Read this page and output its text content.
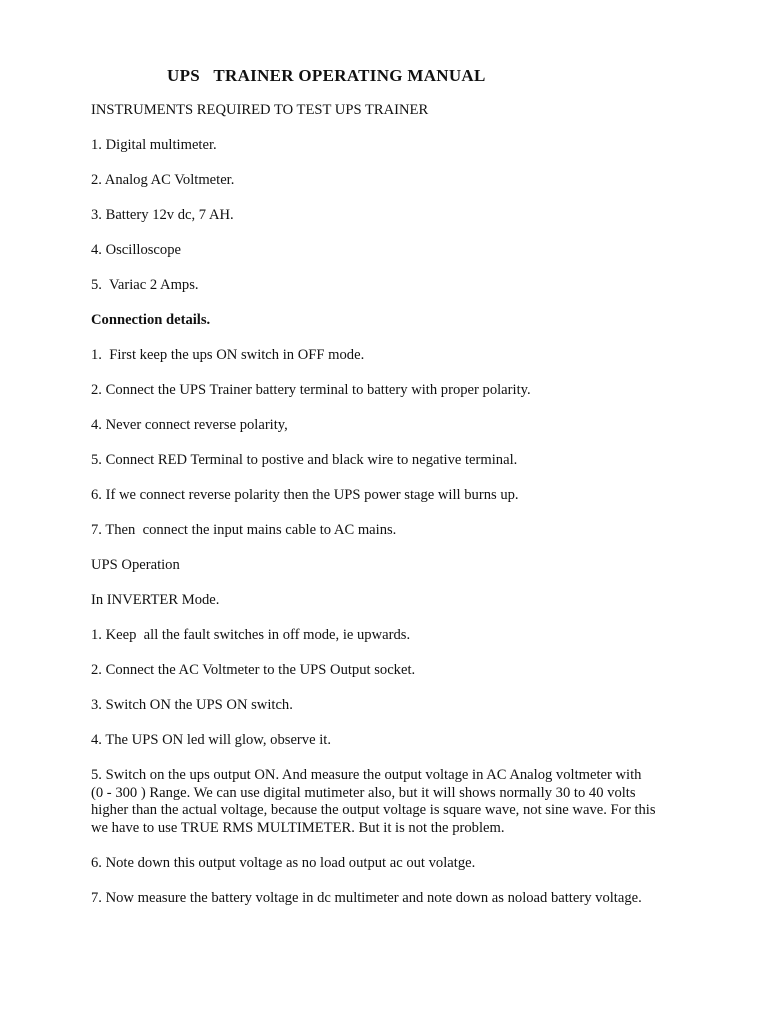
UPS   TRAINER OPERATING MANUAL
INSTRUMENTS REQUIRED TO TEST UPS TRAINER
1. Digital multimeter.
2. Analog AC Voltmeter.
3. Battery 12v dc, 7 AH.
4. Oscilloscope
5.  Variac 2 Amps.
Connection details.
1.  First keep the ups ON switch in OFF mode.
2. Connect the UPS Trainer battery terminal to battery with proper polarity.
4. Never connect reverse polarity,
5. Connect RED Terminal to postive and black wire to negative terminal.
6. If we connect reverse polarity then the UPS power stage will burns up.
7. Then  connect the input mains cable to AC mains.
UPS Operation
In INVERTER Mode.
1. Keep  all the fault switches in off mode, ie upwards.
2. Connect the AC Voltmeter to the UPS Output socket.
3. Switch ON the UPS ON switch.
4. The UPS ON led will glow, observe it.
5. Switch on the ups output ON. And measure the output voltage in AC Analog voltmeter with
(0 - 300 ) Range. We can use digital mutimeter also, but it will shows normally 30 to 40 volts
higher than the actual voltage, because the output voltage is square wave, not sine wave. For this
we have to use TRUE RMS MULTIMETER. But it is not the problem.
6. Note down this output voltage as no load output ac out volatge.
7. Now measure the battery voltage in dc multimeter and note down as noload battery voltage.
